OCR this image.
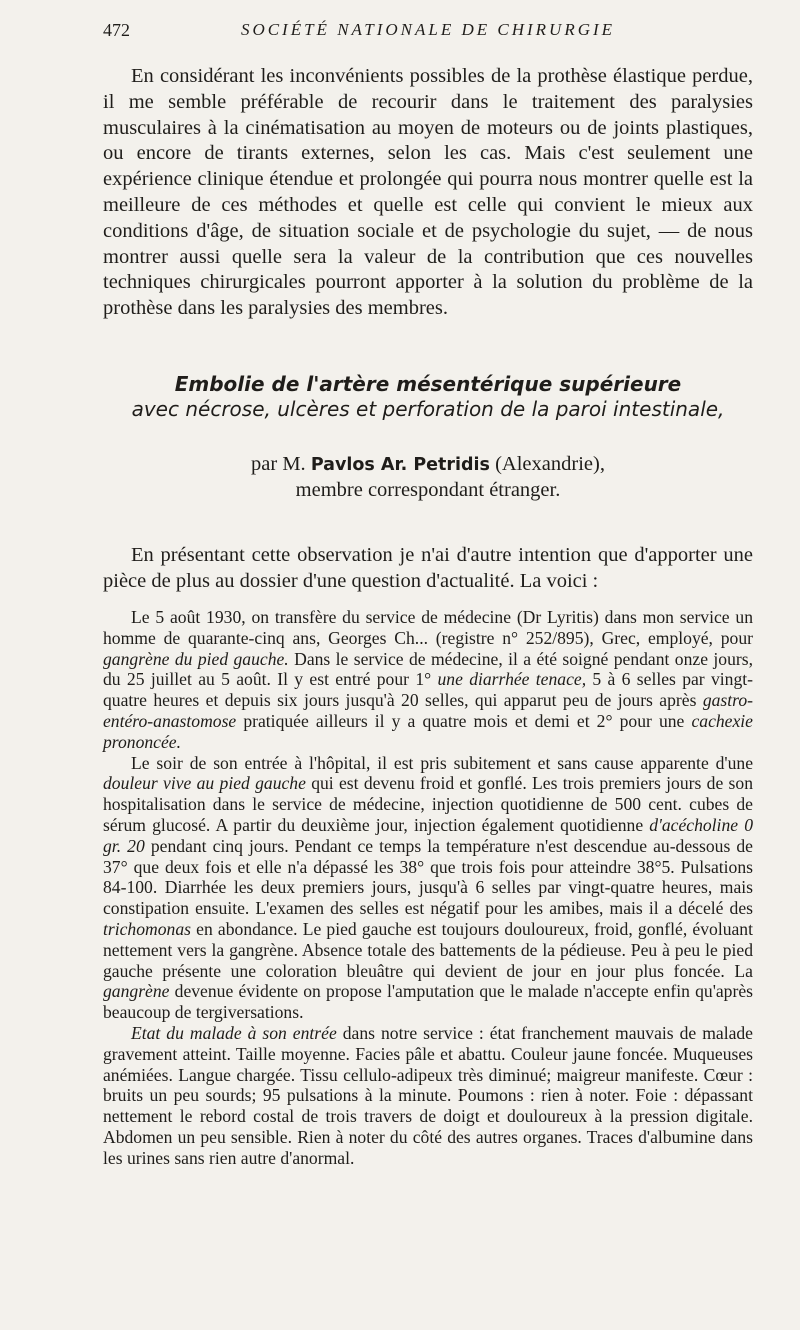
472	SOCIÉTÉ NATIONALE DE CHIRURGIE
En considérant les inconvénients possibles de la prothèse élastique perdue, il me semble préférable de recourir dans le traitement des paralysies musculaires à la cinématisation au moyen de moteurs ou de joints plastiques, ou encore de tirants externes, selon les cas. Mais c'est seulement une expérience clinique étendue et prolongée qui pourra nous montrer quelle est la meilleure de ces méthodes et quelle est celle qui convient le mieux aux conditions d'âge, de situation sociale et de psychologie du sujet, — de nous montrer aussi quelle sera la valeur de la contribution que ces nouvelles techniques chirurgicales pourront apporter à la solution du problème de la prothèse dans les paralysies des membres.
Embolie de l'artère mésentérique supérieure
avec nécrose, ulcères et perforation de la paroi intestinale,
par M. Pavlos Ar. Petridis (Alexandrie),
membre correspondant étranger.
En présentant cette observation je n'ai d'autre intention que d'apporter une pièce de plus au dossier d'une question d'actualité. La voici :

Le 5 août 1930, on transfère du service de médecine (Dr Lyritis) dans mon service un homme de quarante-cinq ans, Georges Ch... (registre n° 252/895), Grec, employé, pour gangrène du pied gauche. Dans le service de médecine, il a été soigné pendant onze jours, du 25 juillet au 5 août. Il y est entré pour 1° une diarrhée tenace, 5 à 6 selles par vingt-quatre heures et depuis six jours jusqu'à 20 selles, qui apparut peu de jours après gastro-entéro-anastomose pratiquée ailleurs il y a quatre mois et demi et 2° pour une cachexie prononcée.

Le soir de son entrée à l'hôpital, il est pris subitement et sans cause apparente d'une douleur vive au pied gauche qui est devenu froid et gonflé. Les trois premiers jours de son hospitalisation dans le service de médecine, injection quotidienne de 500 cent. cubes de sérum glucosé. A partir du deuxième jour, injection également quotidienne d'acécholine 0 gr. 20 pendant cinq jours. Pendant ce temps la température n'est descendue au-dessous de 37° que deux fois et elle n'a dépassé les 38° que trois fois pour atteindre 38°5. Pulsations 84-100. Diarrhée les deux premiers jours, jusqu'à 6 selles par vingt-quatre heures, mais constipation ensuite. L'examen des selles est négatif pour les amibes, mais il a décelé des trichomonas en abondance. Le pied gauche est toujours douloureux, froid, gonflé, évoluant nettement vers la gangrène. Absence totale des battements de la pédieuse. Peu à peu le pied gauche présente une coloration bleuâtre qui devient de jour en jour plus foncée. La gangrène devenue évidente on propose l'amputation que le malade n'accepte enfin qu'après beaucoup de tergiversations.

Etat du malade à son entrée dans notre service : état franchement mauvais de malade gravement atteint. Taille moyenne. Facies pâle et abattu. Couleur jaune foncée. Muqueuses anémiées. Langue chargée. Tissu cellulo-adipeux très diminué; maigreur manifeste. Cœur : bruits un peu sourds; 95 pulsations à la minute. Poumons : rien à noter. Foie : dépassant nettement le rebord costal de trois travers de doigt et douloureux à la pression digitale. Abdomen un peu sensible. Rien à noter du côté des autres organes. Traces d'albumine dans les urines sans rien autre d'anormal.
